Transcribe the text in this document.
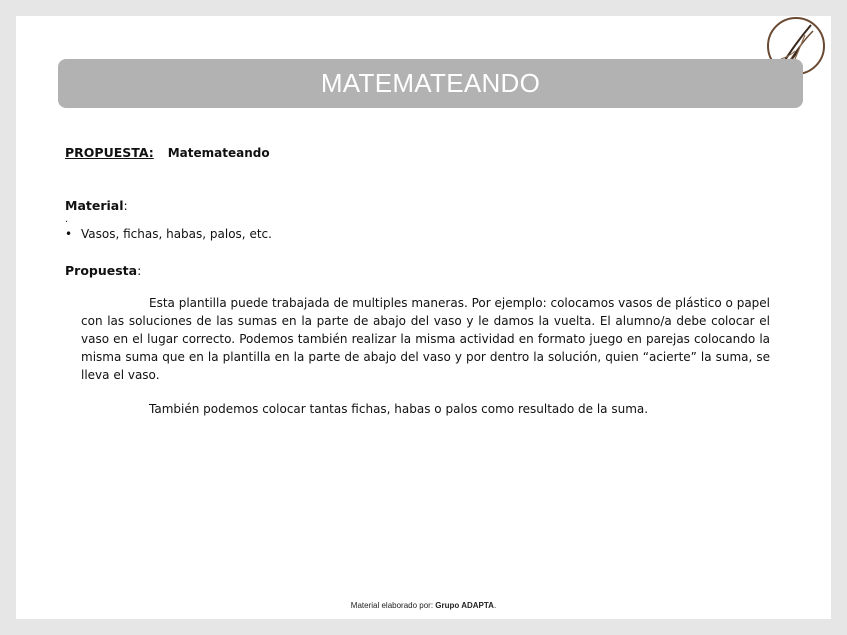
MATEMATEANDO
PROPUESTA: Matemateando
Material:
.
• Vasos, fichas, habas, palos, etc.
Propuesta:

Esta plantilla puede trabajada de multiples maneras. Por ejemplo: colocamos vasos de plástico o papel con las soluciones de las sumas en la parte de abajo del vaso y le damos la vuelta. El alumno/a debe colocar el vaso en el lugar correcto. Podemos también realizar la misma actividad en formato juego en parejas colocando la misma suma que en la plantilla en la parte de abajo del vaso y por dentro la solución, quien “acierte” la suma, se lleva el vaso.

También podemos colocar tantas fichas, habas o palos como resultado de la suma.

Material elaborado por: Grupo ADAPTA.
